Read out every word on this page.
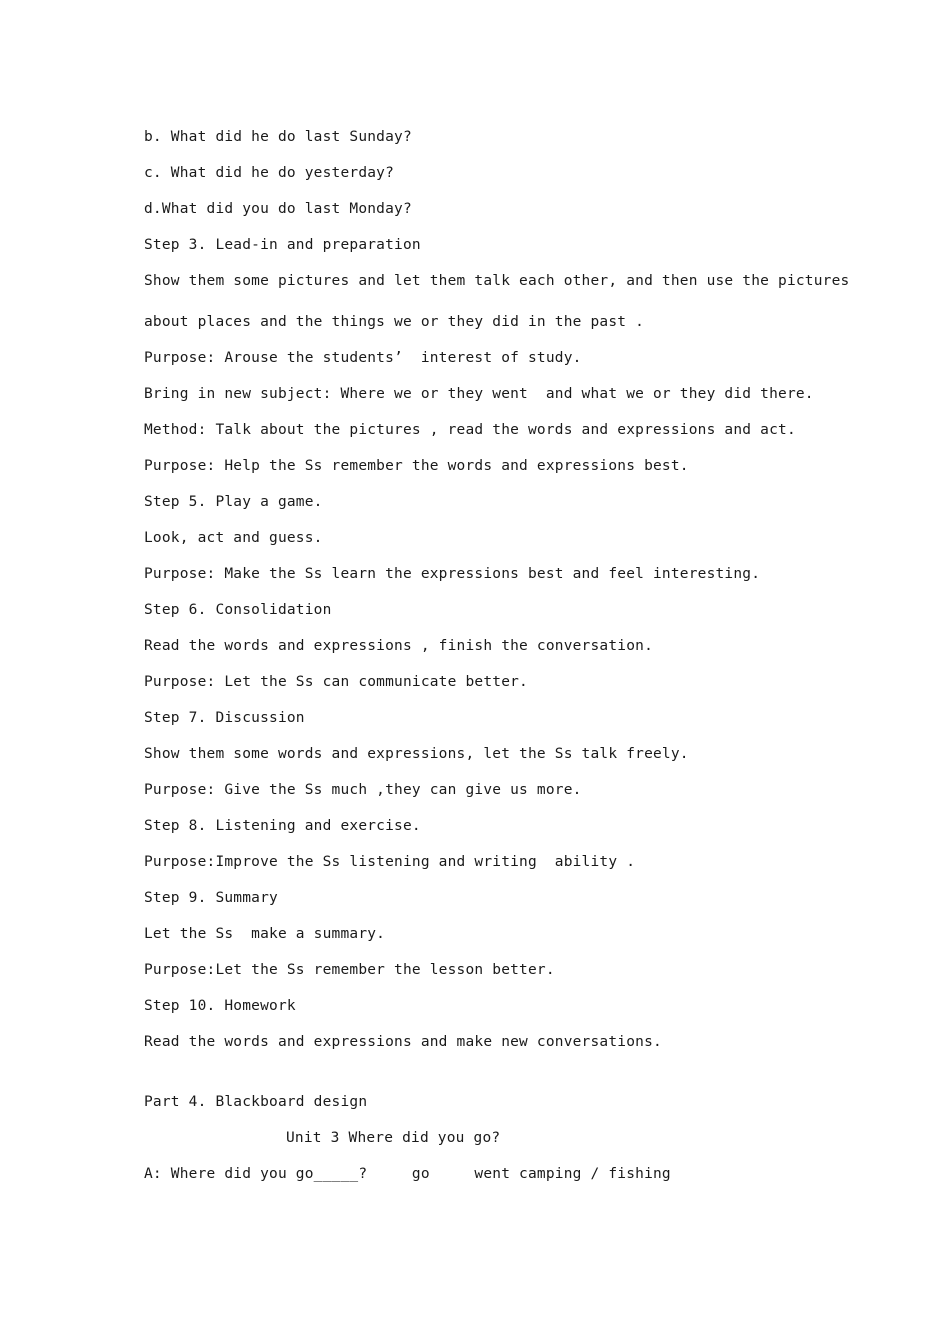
b. What did he do last Sunday?
c. What did he do yesterday?
d.What did you do last Monday?
Step 3. Lead-in and preparation
Show them some pictures and let them talk each other, and then use the pictures
about places and the things we or they did in the past .
Purpose: Arouse the students’  interest of study.
Bring in new subject: Where we or they went  and what we or they did there.
Method: Talk about the pictures , read the words and expressions and act.
Purpose: Help the Ss remember the words and expressions best.
Step 5. Play a game.
Look, act and guess.
Purpose: Make the Ss learn the expressions best and feel interesting.
Step 6. Consolidation
Read the words and expressions , finish the conversation.
Purpose: Let the Ss can communicate better.
Step 7. Discussion
Show them some words and expressions, let the Ss talk freely.
Purpose: Give the Ss much ,they can give us more.
Step 8. Listening and exercise.
Purpose:Improve the Ss listening and writing  ability .
Step 9. Summary
Let the Ss  make a summary.
Purpose:Let the Ss remember the lesson better.
Step 10. Homework
Read the words and expressions and make new conversations.
Part 4. Blackboard design
Unit 3 Where did you go?
A: Where did you go_____?     go     went camping / fishing
